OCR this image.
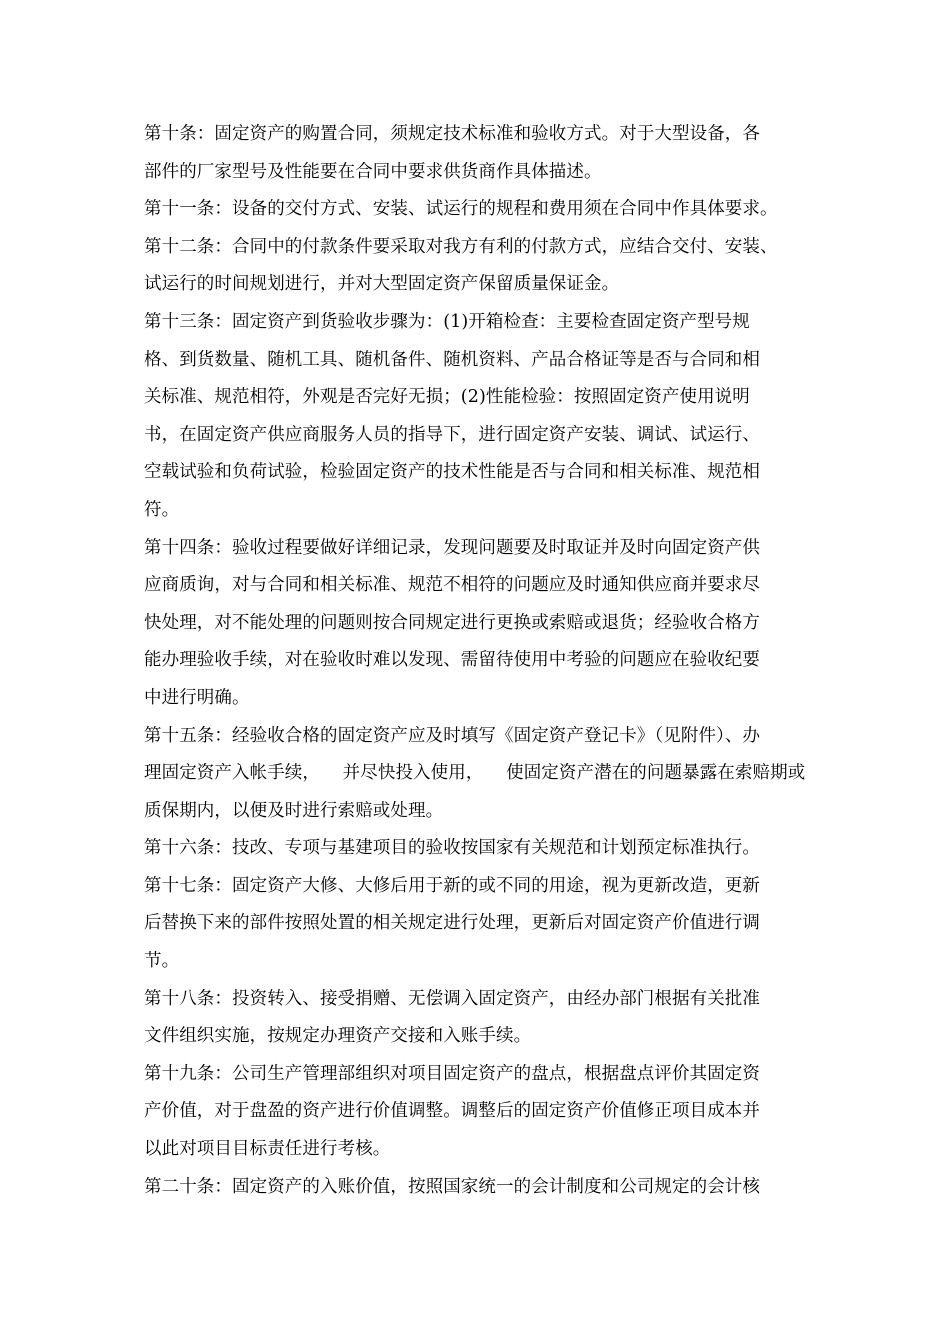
第十条：固定资产的购置合同，须规定技术标准和验收方式。对于大型设备，各
部件的厂家型号及性能要在合同中要求供货商作具体描述。
第十一条：设备的交付方式、安装、试运行的规程和费用须在合同中作具体要求。
第十二条：合同中的付款条件要采取对我方有利的付款方式，应结合交付、安装、
试运行的时间规划进行，并对大型固定资产保留质量保证金。
第十三条：固定资产到货验收步骤为：(1)开箱检查：主要检查固定资产型号规
格、到货数量、随机工具、随机备件、随机资料、产品合格证等是否与合同和相
关标准、规范相符，外观是否完好无损；(2)性能检验：按照固定资产使用说明
书，在固定资产供应商服务人员的指导下，进行固定资产安装、调试、试运行、
空载试验和负荷试验，检验固定资产的技术性能是否与合同和相关标准、规范相
符。
第十四条：验收过程要做好详细记录，发现问题要及时取证并及时向固定资产供
应商质询，对与合同和相关标准、规范不相符的问题应及时通知供应商并要求尽
快处理，对不能处理的问题则按合同规定进行更换或索赔或退货；经验收合格方
能办理验收手续，对在验收时难以发现、需留待使用中考验的问题应在验收纪要
中进行明确。
第十五条：经验收合格的固定资产应及时填写《固定资产登记卡》（见附件）、办
理固定资产入帐手续，    并尽快投入使用，    使固定资产潜在的问题暴露在索赔期或
质保期内，以便及时进行索赔或处理。
第十六条：技改、专项与基建项目的验收按国家有关规范和计划预定标准执行。
第十七条：固定资产大修、大修后用于新的或不同的用途，视为更新改造，更新
后替换下来的部件按照处置的相关规定进行处理，更新后对固定资产价值进行调
节。
第十八条：投资转入、接受捐赠、无偿调入固定资产，由经办部门根据有关批准
文件组织实施，按规定办理资产交接和入账手续。
第十九条：公司生产管理部组织对项目固定资产的盘点，根据盘点评价其固定资
产价值，对于盘盈的资产进行价值调整。调整后的固定资产价值修正项目成本并
以此对项目目标责任进行考核。
第二十条：固定资产的入账价值，按照国家统一的会计制度和公司规定的会计核
